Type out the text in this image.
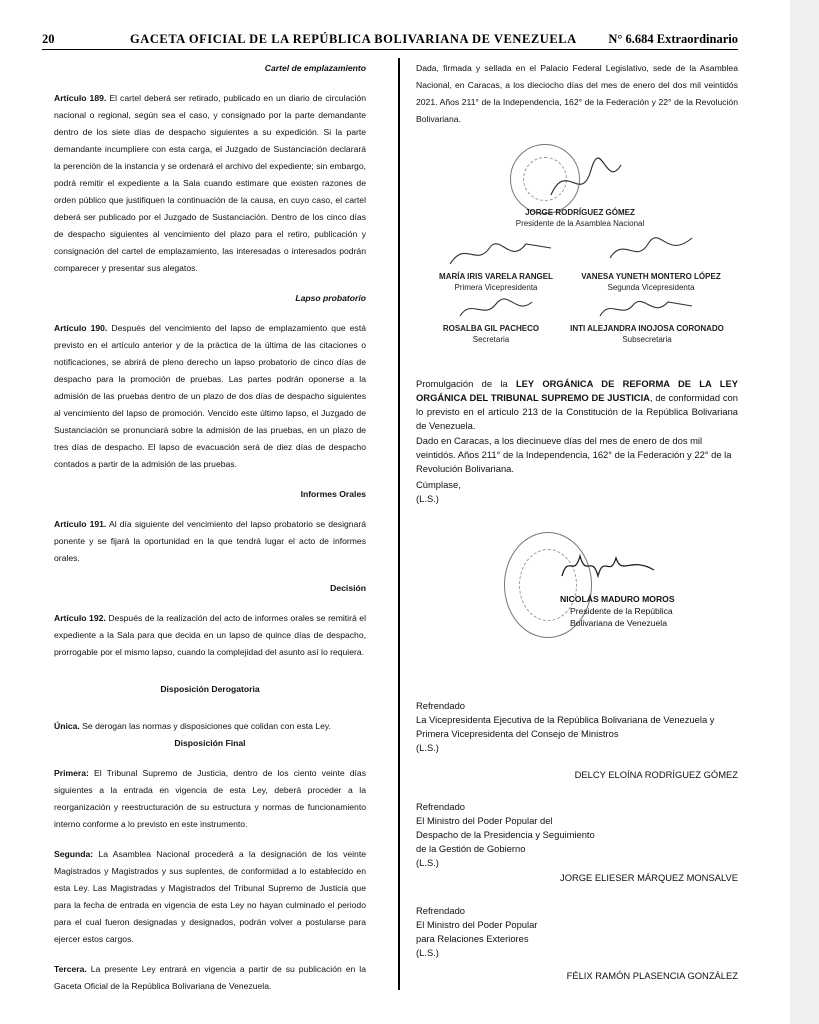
20	GACETA OFICIAL DE LA REPÚBLICA BOLIVARIANA DE VENEZUELA	N° 6.684 Extraordinario
Cartel de emplazamiento

Artículo 189. El cartel deberá ser retirado, publicado en un diario de circulación nacional o regional, según sea el caso, y consignado por la parte demandante dentro de los siete días de despacho siguientes a su expedición. Si la parte demandante incumpliere con esta carga, el Juzgado de Sustanciación declarará la perención de la instancia y se ordenará el archivo del expediente; sin embargo, podrá remitir el expediente a la Sala cuando estimare que existen razones de orden público que justifiquen la continuación de la causa, en cuyo caso, el cartel deberá ser publicado por el Juzgado de Sustanciación. Dentro de los cinco días de despacho siguientes al vencimiento del plazo para el retiro, publicación y consignación del cartel de emplazamiento, las interesadas o interesados podrán comparecer y presentar sus alegatos.

Lapso probatorio

Artículo 190. Después del vencimiento del lapso de emplazamiento que está previsto en el artículo anterior y de la práctica de la última de las citaciones o notificaciones, se abrirá de pleno derecho un lapso probatorio de cinco días de despacho para la promoción de pruebas. Las partes podrán oponerse a la admisión de las pruebas dentro de un plazo de dos días de despacho siguientes al vencimiento del lapso de promoción. Vencido este último lapso, el Juzgado de Sustanciación se pronunciará sobre la admisión de las pruebas, en un plazo de tres días de despacho. El lapso de evacuación será de diez días de despacho contados a partir de la admisión de las pruebas.

Informes Orales

Artículo 191. Al día siguiente del vencimiento del lapso probatorio se designará ponente y se fijará la oportunidad en la que tendrá lugar el acto de informes orales.

Decisión

Artículo 192. Después de la realización del acto de informes orales se remitirá el expediente a la Sala para que decida en un lapso de quince días de despacho, prorrogable por el mismo lapso, cuando la complejidad del asunto así lo requiera.

Disposición Derogatoria

Única. Se derogan las normas y disposiciones que colidan con esta Ley.

Disposición Final

Primera: El Tribunal Supremo de Justicia, dentro de los ciento veinte días siguientes a la entrada en vigencia de esta Ley, deberá proceder a la reorganización y reestructuración de su estructura y normas de funcionamiento interno conforme a lo previsto en este instrumento.

Segunda: La Asamblea Nacional procederá a la designación de los veinte Magistrados y Magistrados y sus suplentes, de conformidad a lo establecido en esta Ley. Las Magistradas y Magistrados del Tribunal Supremo de Justicia que para la fecha de entrada en vigencia de esta Ley no hayan culminado el periodo para el cual fueron designadas y designados, podrán volver a postularse para ejercer estos cargos.

Tercera. La presente Ley entrará en vigencia a partir de su publicación en la Gaceta Oficial de la República Bolivariana de Venezuela.

Dada, firmada y sellada en el Palacio Federal Legislativo, sede de la Asamblea Nacional, en Caracas, a los dieciocho días del mes de enero del dos mil veintidós 2021. Años 211° de la Independencia, 162° de la Federación y 22° de la Revolución Bolivariana.

JORGE RODRÍGUEZ GÓMEZ
Presidente de la Asamblea Nacional
MARÍA IRIS VARELA RANGEL
Primera Vicepresidenta
VANESA YUNETH MONTERO LÓPEZ
Segunda Vicepresidenta
ROSALBA GIL PACHECO
Secretaria
INTI ALEJANDRA INOJOSA CORONADO
Subsecretaria

Promulgación de la LEY ORGÁNICA DE REFORMA DE LA LEY ORGÁNICA DEL TRIBUNAL SUPREMO DE JUSTICIA, de conformidad con lo previsto en el artículo 213 de la Constitución de la República Bolivariana de Venezuela.

Dado en Caracas, a los diecinueve días del mes de enero de dos mil veintidós. Años 211° de la Independencia, 162° de la Federación y 22° de la Revolución Bolivariana.

Cúmplase,
(L.S.)
NICOLÁS MADURO MOROS
Presidente de la República
Bolivariana de Venezuela
Refrendado
La Vicepresidenta Ejecutiva de la República Bolivariana de Venezuela y Primera Vicepresidenta del Consejo de Ministros
(L.S.)
DELCY ELOÍNA RODRÍGUEZ GÓMEZ
Refrendado
El Ministro del Poder Popular del
Despacho de la Presidencia y Seguimiento
de la Gestión de Gobierno
(L.S.)
JORGE ELIESER MÁRQUEZ MONSALVE
Refrendado
El Ministro del Poder Popular
para Relaciones Exteriores
(L.S.)
FÉLIX RAMÓN PLASENCIA GONZÁLEZ
